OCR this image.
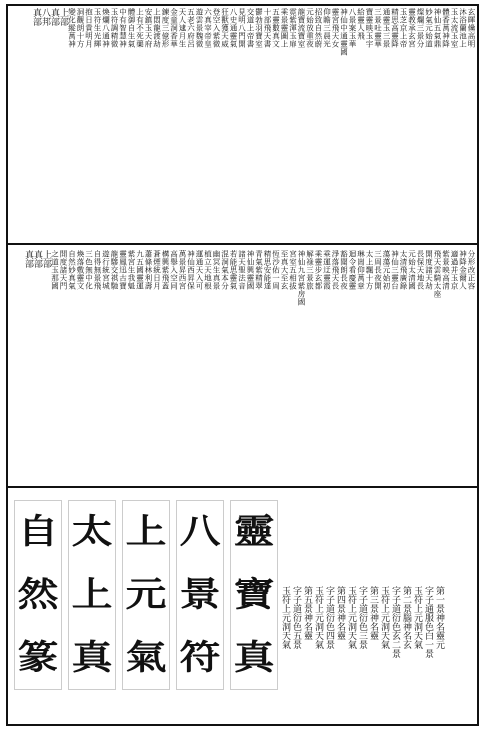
玄暉儵高明
沐浴蘭池上
玉太流玉室
體香萬神降
神仙五氣鼎
妙氣元始道
燦爛三景分
靈教承玄宮
玉芝京上帝
精思高靈降
通靈玉三景
三景吐靈華
寶靈映玉宇
給靈人飛
八景案玉華
神仙中通靈國
靈宮飛天女
仰瞻三晨光
招致自然蔚
元始放重夜
龍寶流寶室
霓紫渾玉扉
乘景靈圖上
五靈數真文
十部飛天書
鬱勃羽寶室
交道上帝書
見明八門開
八史通靈氣
狂獸獲天威
登空入紫微
六真宰帝皇
遊雲景魏微
五老六府呂
天人逮月生
金童洞香華
鍊度三億形
上悶龍渡劫
安鎮玉天府
上有不死藥
體御自生氣
中有智慧神
玉符調精微
煥爛八通神
玉符生光輝
抱日貴明月
洞觀朗十方
變化縱萬神
上部
真部
八邦
真部
分形改正容
神降金爾人
適過并玉京
紫景映高清
飛天雲騎太座
開度諸天劫
長保天地長
元始太清國
太清飛廣錄
神仙三靈台
蕩蕩元始初
三周長夜開
太上飄十方
琳崗仰萬章
迴令看慶靈
豁聞朗長夜
淨落飛天長
乘運迂靈霞
乘靈步玄都
解祿三景旅
神仙九宮紫房國
宮室五相拔
至真大至玄
恆沙佑一周
精思安能達
青氣紫精翠
神仙興靈國
諸天聖法音
若能思靈氣
混洞氣本分
幽冥生真景
植立天地根
運通天入可
神仙西昇保
萬景昇西宮
高舉入空同
構興紫飛蓋
蒼煙統日月
蕭條林利壽
九五國靈運
紫宮生我魁
靈鳳迅古寶
龍驂交祺馳
遊行統宮城
自得無景飛
三色無中化
煥落敷靈文
自然妙真氣
開度諸天門
之道玉那國
上部
真部
真部
靈
寶
真
八
景
符
上
元
氣
太
上
真
自
然
篆
第一景神名靈元
字子通服色白一景
玉符上元洞天氣
第二景腦神名玄
字子道衍色玄二景
玉符上元洞天氣
第三景神名靈
字子道衍色三景
玉符上元洞天氣
第四景神名靈
字子道衍色四景
玉符上元洞天氣
第五景神名靈
字子道衍色五景
玉符上元洞天氣
